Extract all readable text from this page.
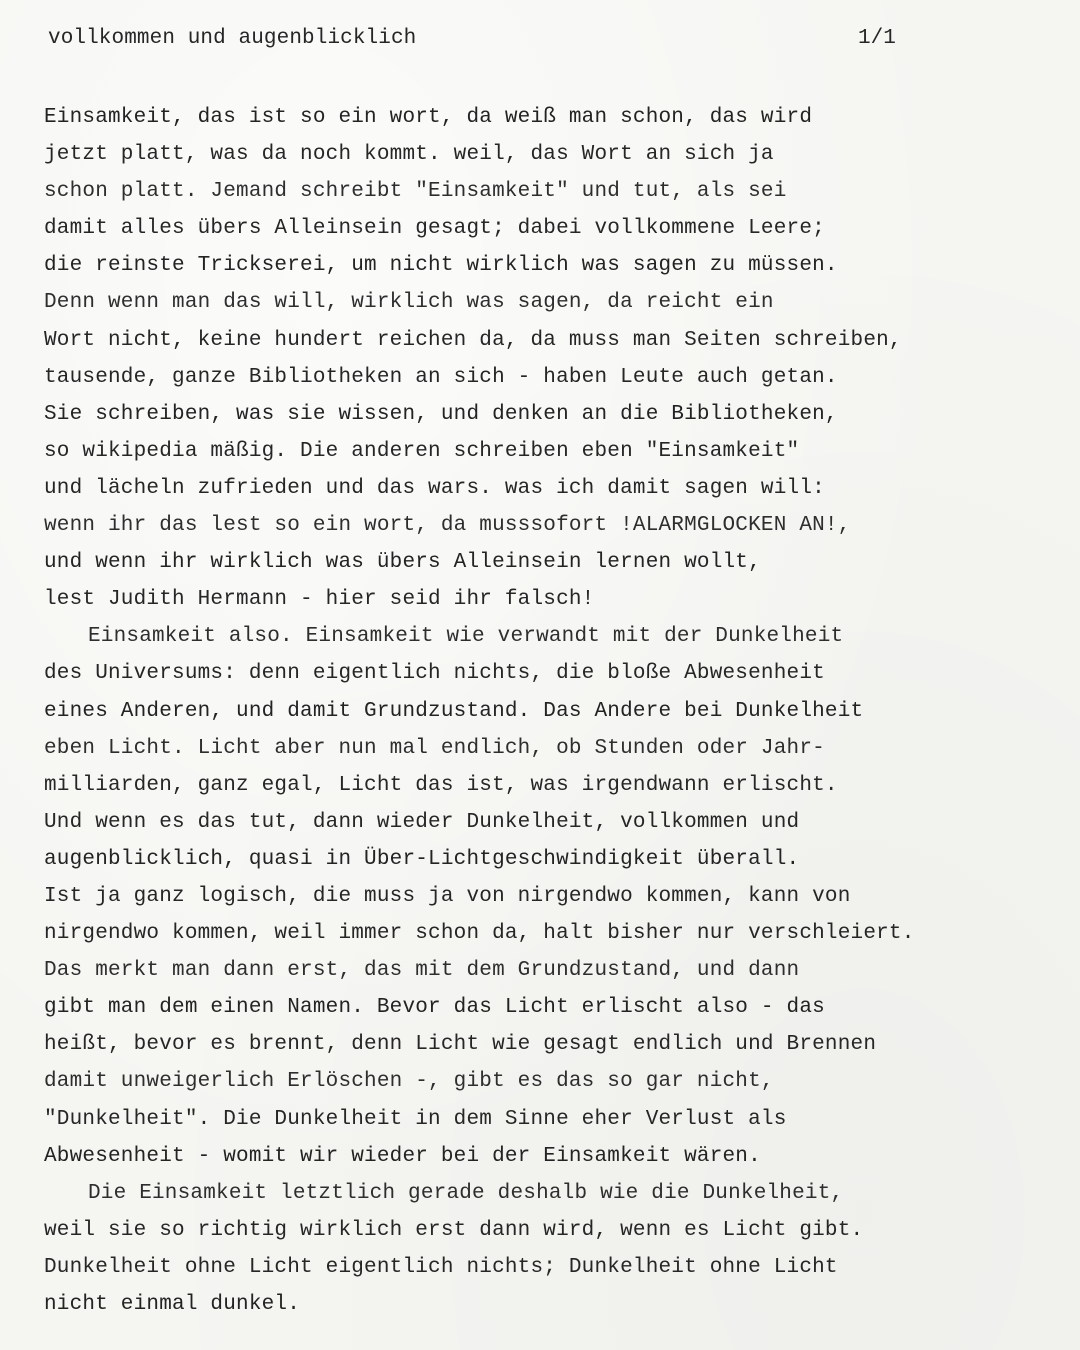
vollkommen und augenblicklich	1/1
Einsamkeit, das ist so ein wort, da weiß man schon, das wird
jetzt platt, was da noch kommt. weil, das Wort an sich ja
schon platt. Jemand schreibt "Einsamkeit" und tut, als sei
damit alles übers Alleinsein gesagt; dabei vollkommene Leere;
die reinste Trickserei, um nicht wirklich was sagen zu müssen.
Denn wenn man das will, wirklich was sagen, da reicht ein
Wort nicht, keine hundert reichen da, da muss man Seiten schreiben,
tausende, ganze Bibliotheken an sich - haben Leute auch getan.
Sie schreiben, was sie wissen, und denken an die Bibliotheken,
so wikipedia mäßig. Die anderen schreiben eben "Einsamkeit"
und lächeln zufrieden und das wars. was ich damit sagen will:
wenn ihr das lest so ein wort, da musssofort !ALARMGLOCKEN AN!,
und wenn ihr wirklich was übers Alleinsein lernen wollt,
lest Judith Hermann - hier seid ihr falsch!
Einsamkeit also. Einsamkeit wie verwandt mit der Dunkelheit
des Universums: denn eigentlich nichts, die bloße Abwesenheit
eines Anderen, und damit Grundzustand. Das Andere bei Dunkelheit
eben Licht. Licht aber nun mal endlich, ob Stunden oder Jahr-
milliarden, ganz egal, Licht das ist, was irgendwann erlischt.
Und wenn es das tut, dann wieder Dunkelheit, vollkommen und
augenblicklich, quasi in Über-Lichtgeschwindigkeit überall.
Ist ja ganz logisch, die muss ja von nirgendwo kommen, kann von
nirgendwo kommen, weil immer schon da, halt bisher nur verschleiert.
Das merkt man dann erst, das mit dem Grundzustand, und dann
gibt man dem einen Namen. Bevor das Licht erlischt also - das
heißt, bevor es brennt, denn Licht wie gesagt endlich und Brennen
damit unweigerlich Erlöschen -, gibt es das so gar nicht,
"Dunkelheit". Die Dunkelheit in dem Sinne eher Verlust als
Abwesenheit - womit wir wieder bei der Einsamkeit wären.
Die Einsamkeit letztlich gerade deshalb wie die Dunkelheit,
weil sie so richtig wirklich erst dann wird, wenn es Licht gibt.
Dunkelheit ohne Licht eigentlich nichts; Dunkelheit ohne Licht
nicht einmal dunkel.
